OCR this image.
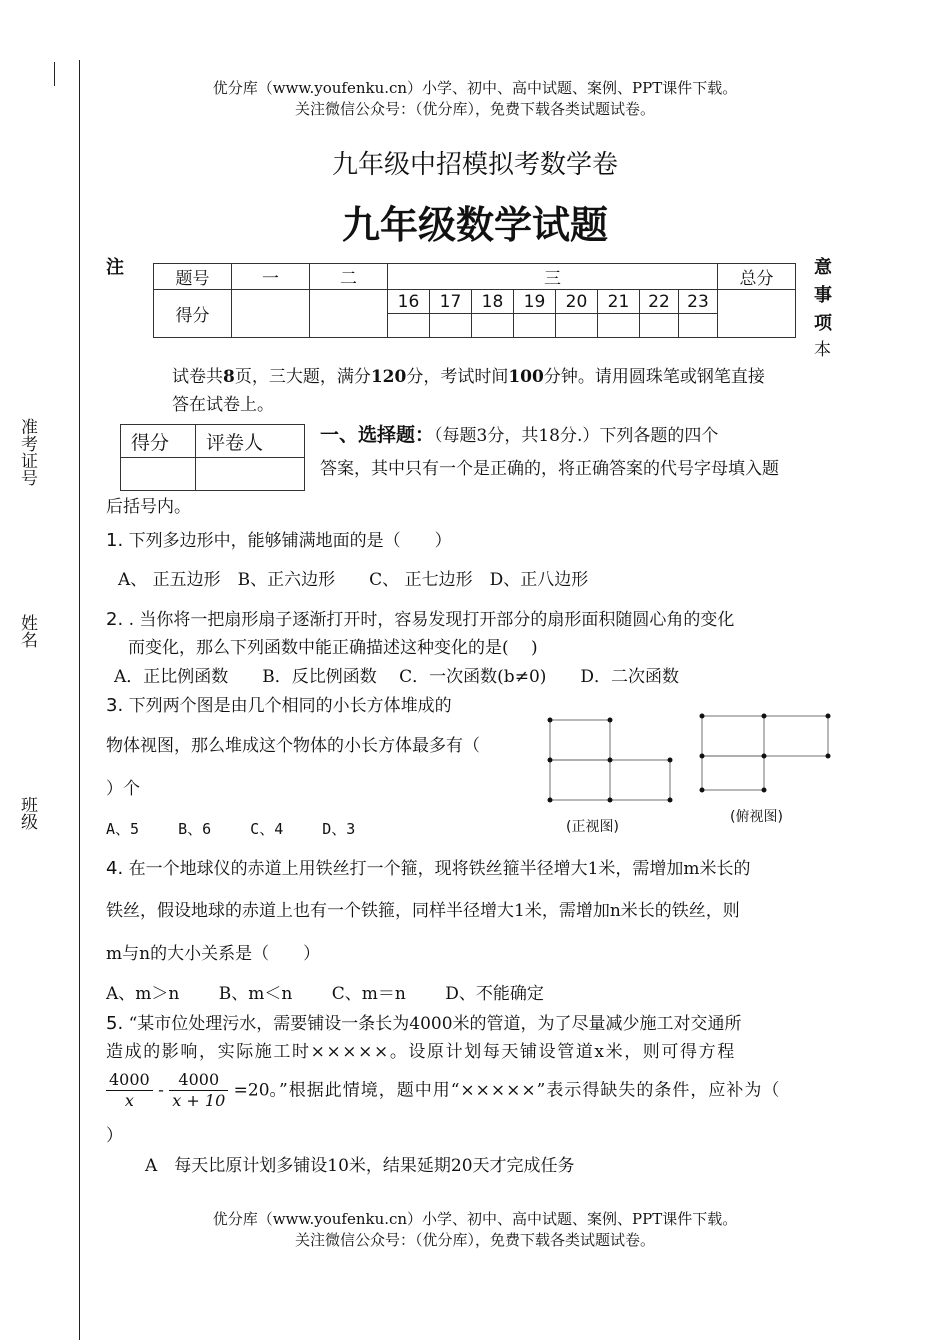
准考证号
姓名
班级
优分库（www.youfenku.cn）小学、初中、高中试题、案例、PPT课件下载。
关注微信公众号：（优分库），免费下载各类试题试卷。
九年级中招模拟考数学卷
九年级数学试题
注	意
事
项
本
题号	一	二	三								总分
得分			16	17	18	19	20	21	22	23	

试卷共8页，三大题，满分120分，考试时间100分钟。请用圆珠笔或钢笔直接
答在试卷上。
得分	评卷人
		一、选择题：（每题3分，共18分.）下列各题的四个
答案，其中只有一个是正确的，将正确答案的代号字母填入题
后括号内。
1. 下列多边形中，能够铺满地面的是（　　）
A、 正五边形　B、正六边形　　C、 正七边形　D、正八边形
2. . 当你将一把扇形扇子逐渐打开时，容易发现打开部分的扇形面积随圆心角的变化
而变化，那么下列函数中能正确描述这种变化的是(　 )
A．正比例函数　　B．反比例函数　 C．一次函数(b≠0)　　D．二次函数
3. 下列两个图是由几个相同的小长方体堆成的
物体视图，那么堆成这个物体的小长方体最多有（
）个
A、5　　 B、6　　 C、4　　 D、3	(正视图)
(俯视图)
4. 在一个地球仪的赤道上用铁丝打一个箍，现将铁丝箍半径增大1米，需增加m米长的
铁丝，假设地球的赤道上也有一个铁箍，同样半径增大1米，需增加n米长的铁丝，则
m与n的大小关系是（　　）
A、m＞n　　 B、m＜n　　 C、m＝n　　 D、不能确定
5. “某市位处理污水，需要铺设一条长为4000米的管道，为了尽量减少施工对交通所
造成的影响，实际施工时×××××。设原计划每天铺设管道x米，则可得方程
$\frac{4000}{x} - \frac{4000}{x + 10} =20$。”根据此情境，题中用“×××××”表示得缺失的条件，应补为（
）
A　每天比原计划多铺设10米，结果延期20天才完成任务
优分库（www.youfenku.cn）小学、初中、高中试题、案例、PPT课件下载。
关注微信公众号：（优分库），免费下载各类试题试卷。
